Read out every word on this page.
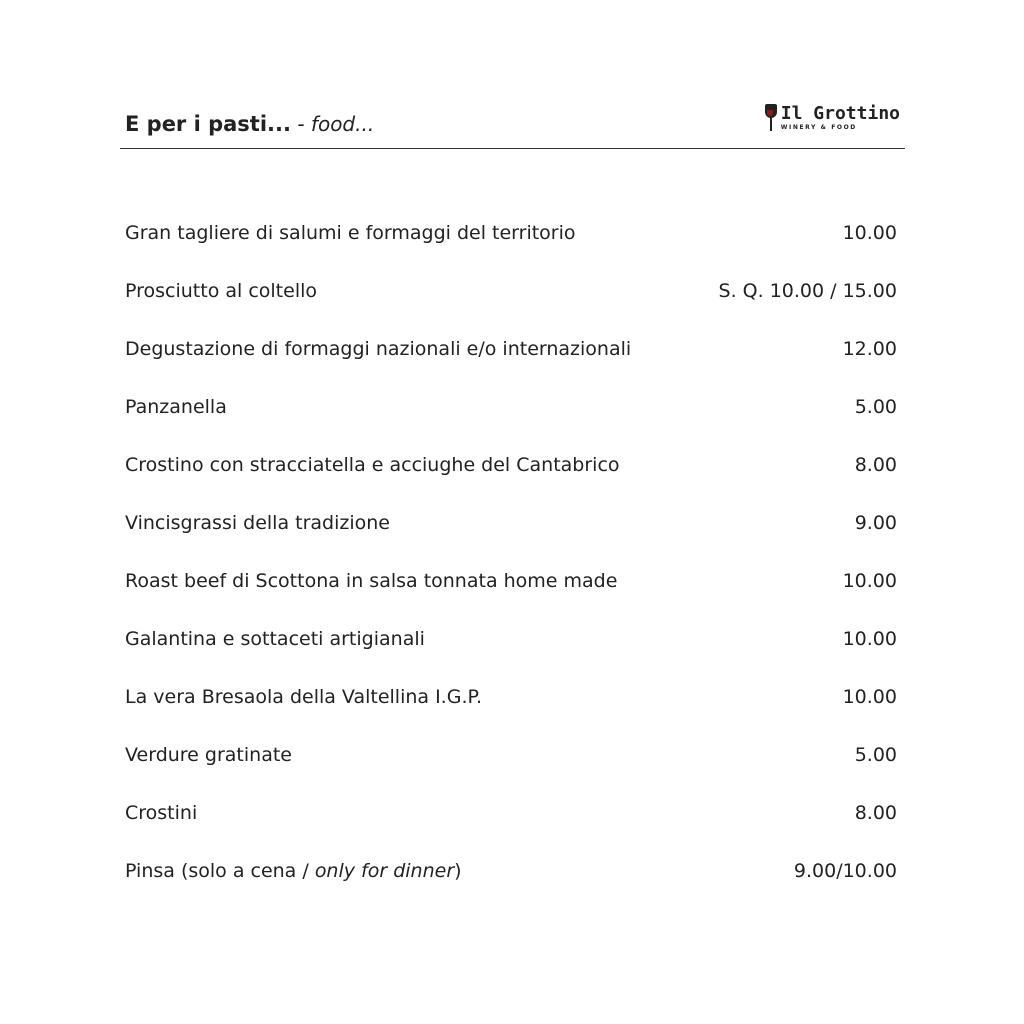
E per i pasti... - food...	Il Grottino
WINERY & FOOD
Gran tagliere di salumi e formaggi del territorio	10.00
Prosciutto al coltello	S. Q. 10.00 / 15.00
Degustazione di formaggi nazionali e/o internazionali	12.00
Panzanella	5.00
Crostino con stracciatella e acciughe del Cantabrico	8.00
Vincisgrassi della tradizione	9.00
Roast beef di Scottona in salsa tonnata home made	10.00
Galantina e sottaceti artigianali	10.00
La vera Bresaola della Valtellina I.G.P.	10.00
Verdure gratinate	5.00
Crostini	8.00
Pinsa (solo a cena / only for dinner)	9.00/10.00
